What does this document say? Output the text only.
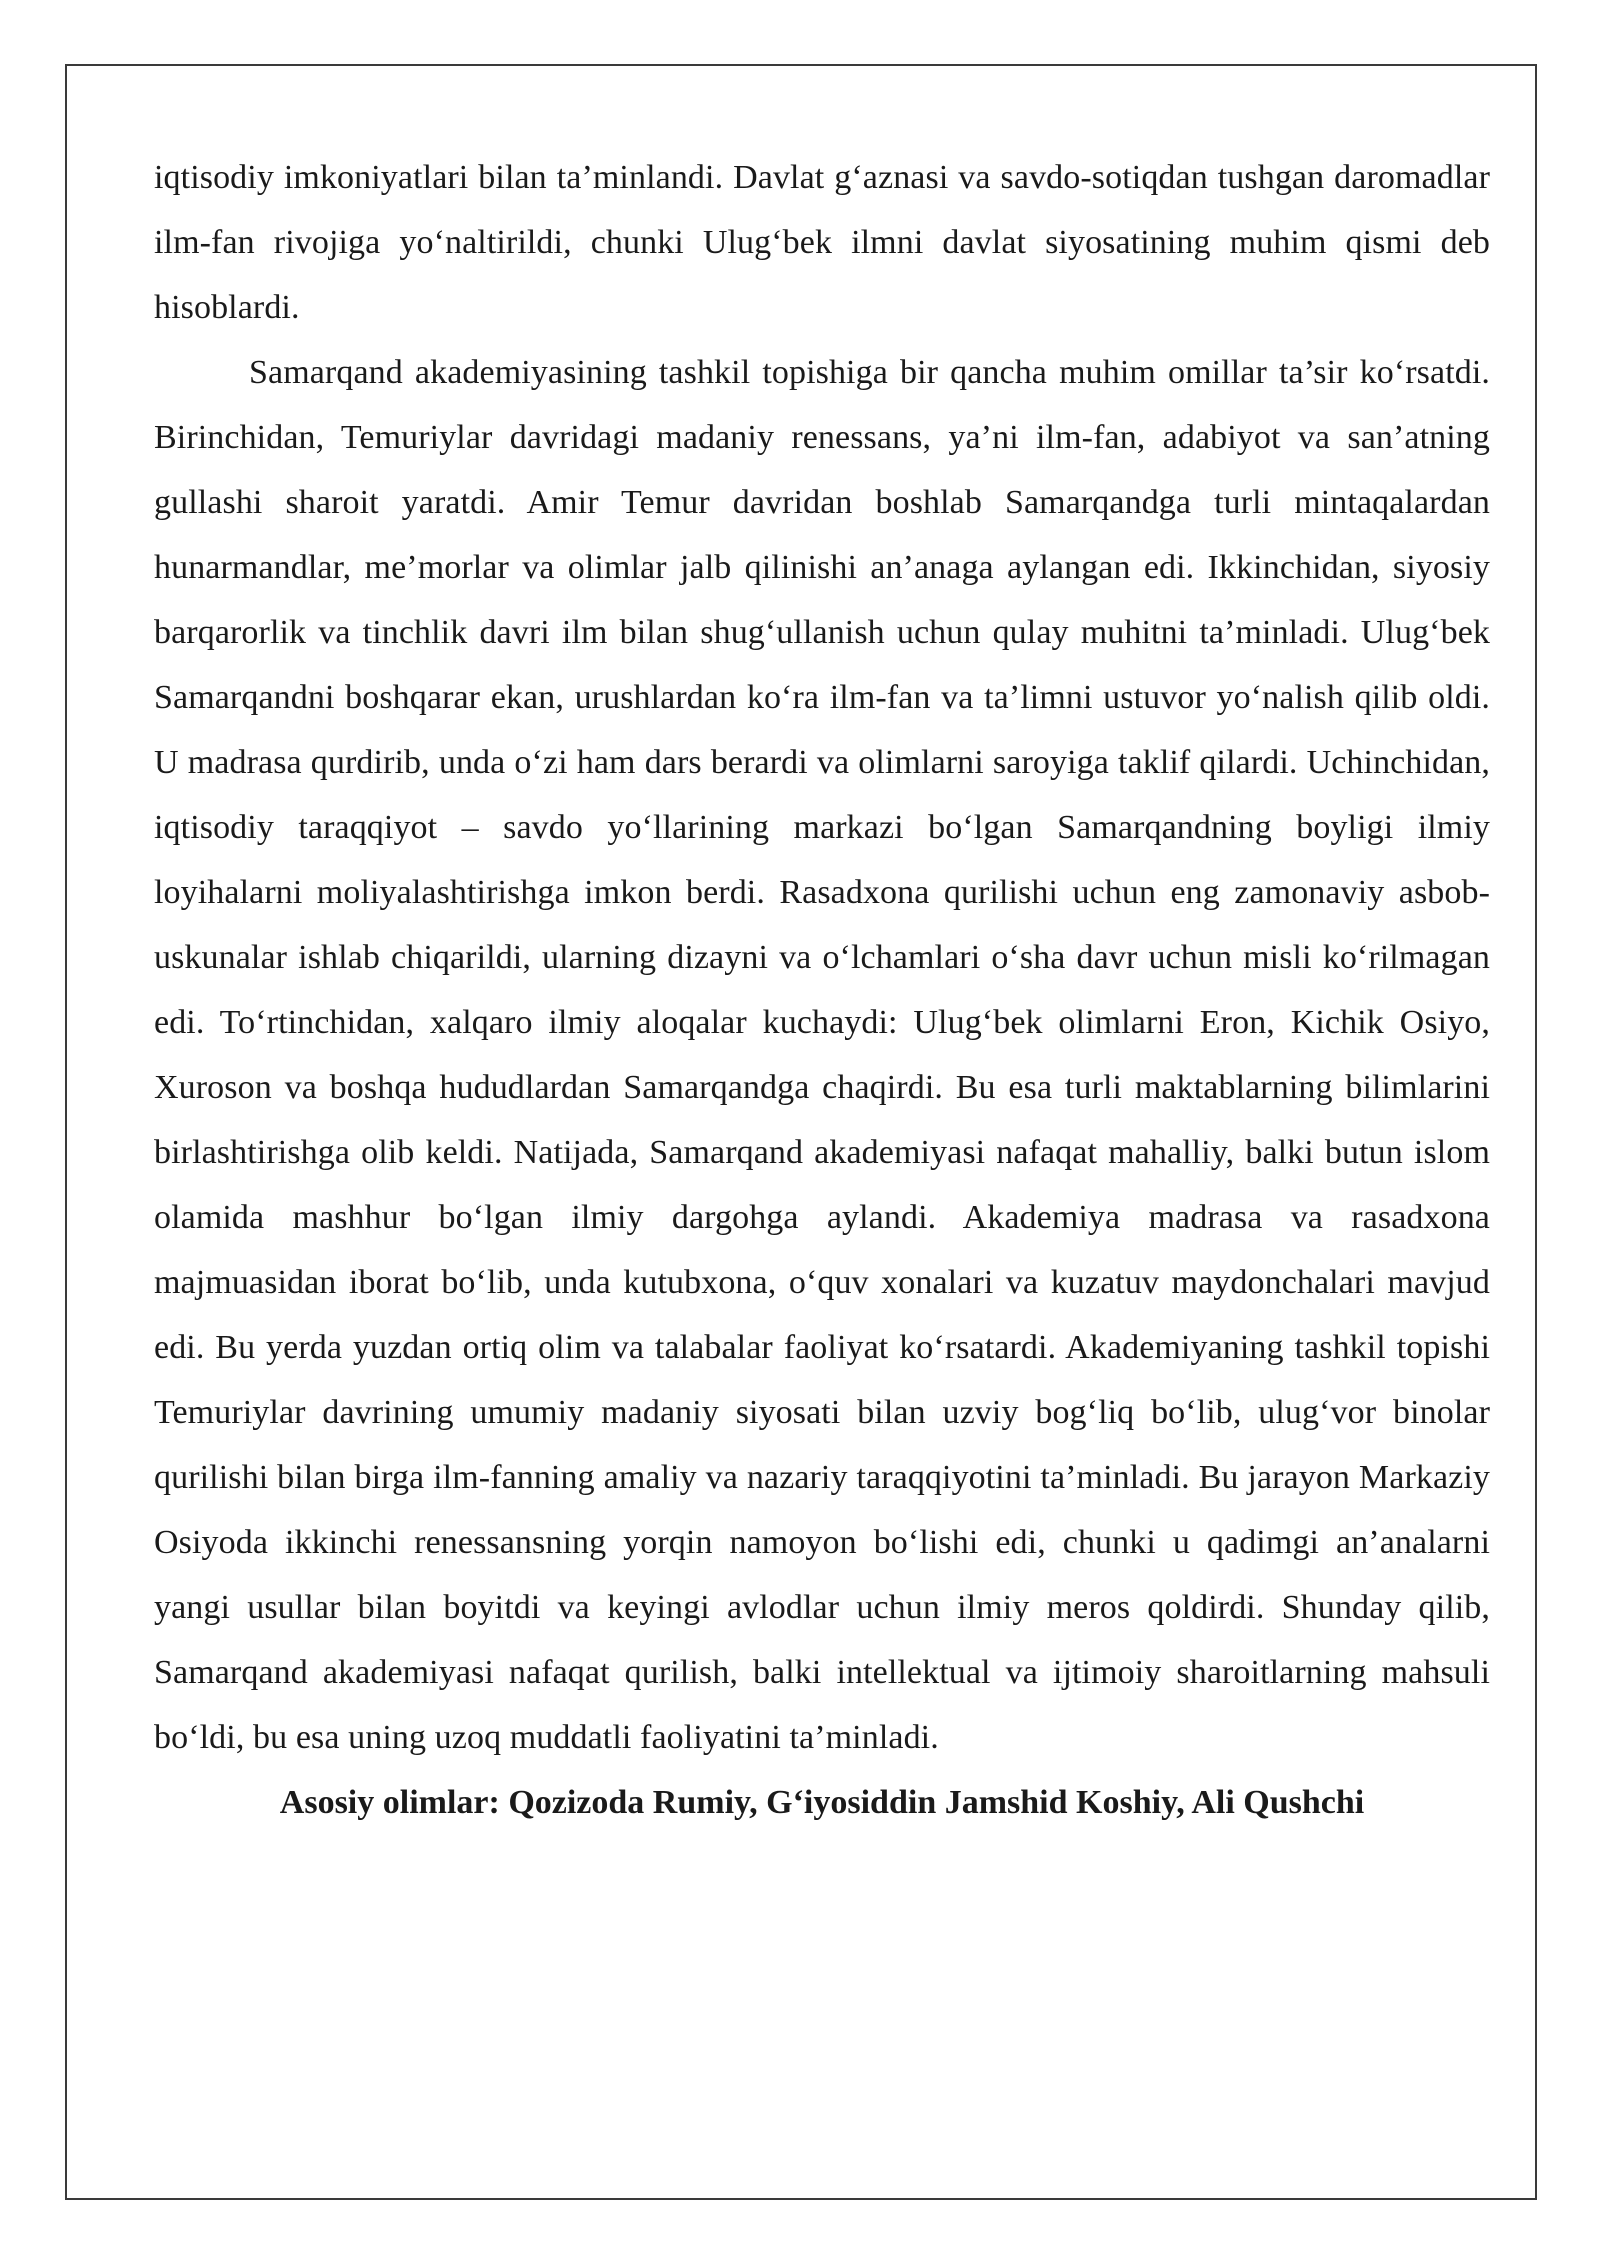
iqtisodiy imkoniyatlari bilan ta’minlandi. Davlat g‘aznasi va savdo-sotiqdan tushgan daromadlar ilm-fan rivojiga yo‘naltirildi, chunki Ulug‘bek ilmni davlat siyosatining muhim qismi deb hisoblardi.

Samarqand akademiyasining tashkil topishiga bir qancha muhim omillar ta’sir ko‘rsatdi. Birinchidan, Temuriylar davridagi madaniy renessans, ya’ni ilm-fan, adabiyot va san’atning gullashi sharoit yaratdi. Amir Temur davridan boshlab Samarqandga turli mintaqalardan hunarmandlar, me’morlar va olimlar jalb qilinishi an’anaga aylangan edi. Ikkinchidan, siyosiy barqarorlik va tinchlik davri ilm bilan shug‘ullanish uchun qulay muhitni ta’minladi. Ulug‘bek Samarqandni boshqarar ekan, urushlardan ko‘ra ilm-fan va ta’limni ustuvor yo‘nalish qilib oldi. U madrasa qurdirib, unda o‘zi ham dars berardi va olimlarni saroyiga taklif qilardi. Uchinchidan, iqtisodiy taraqqiyot – savdo yo‘llarining markazi bo‘lgan Samarqandning boyligi ilmiy loyihalarni moliyalashtirishga imkon berdi. Rasadxona qurilishi uchun eng zamonaviy asbob-uskunalar ishlab chiqarildi, ularning dizayni va o‘lchamlari o‘sha davr uchun misli ko‘rilmagan edi. To‘rtinchidan, xalqaro ilmiy aloqalar kuchaydi: Ulug‘bek olimlarni Eron, Kichik Osiyo, Xuroson va boshqa hududlardan Samarqandga chaqirdi. Bu esa turli maktablarning bilimlarini birlashtirishga olib keldi. Natijada, Samarqand akademiyasi nafaqat mahalliy, balki butun islom olamida mashhur bo‘lgan ilmiy dargohga aylandi. Akademiya madrasa va rasadxona majmuasidan iborat bo‘lib, unda kutubxona, o‘quv xonalari va kuzatuv maydonchalari mavjud edi. Bu yerda yuzdan ortiq olim va talabalar faoliyat ko‘rsatardi. Akademiyaning tashkil topishi Temuriylar davrining umumiy madaniy siyosati bilan uzviy bog‘liq bo‘lib, ulug‘vor binolar qurilishi bilan birga ilm-fanning amaliy va nazariy taraqqiyotini ta’minladi. Bu jarayon Markaziy Osiyoda ikkinchi renessansning yorqin namoyon bo‘lishi edi, chunki u qadimgi an’analarni yangi usullar bilan boyitdi va keyingi avlodlar uchun ilmiy meros qoldirdi. Shunday qilib, Samarqand akademiyasi nafaqat qurilish, balki intellektual va ijtimoiy sharoitlarning mahsuli bo‘ldi, bu esa uning uzoq muddatli faoliyatini ta’minladi.

Asosiy olimlar: Qozizoda Rumiy, G‘iyosiddin Jamshid Koshiy, Ali Qushchi
